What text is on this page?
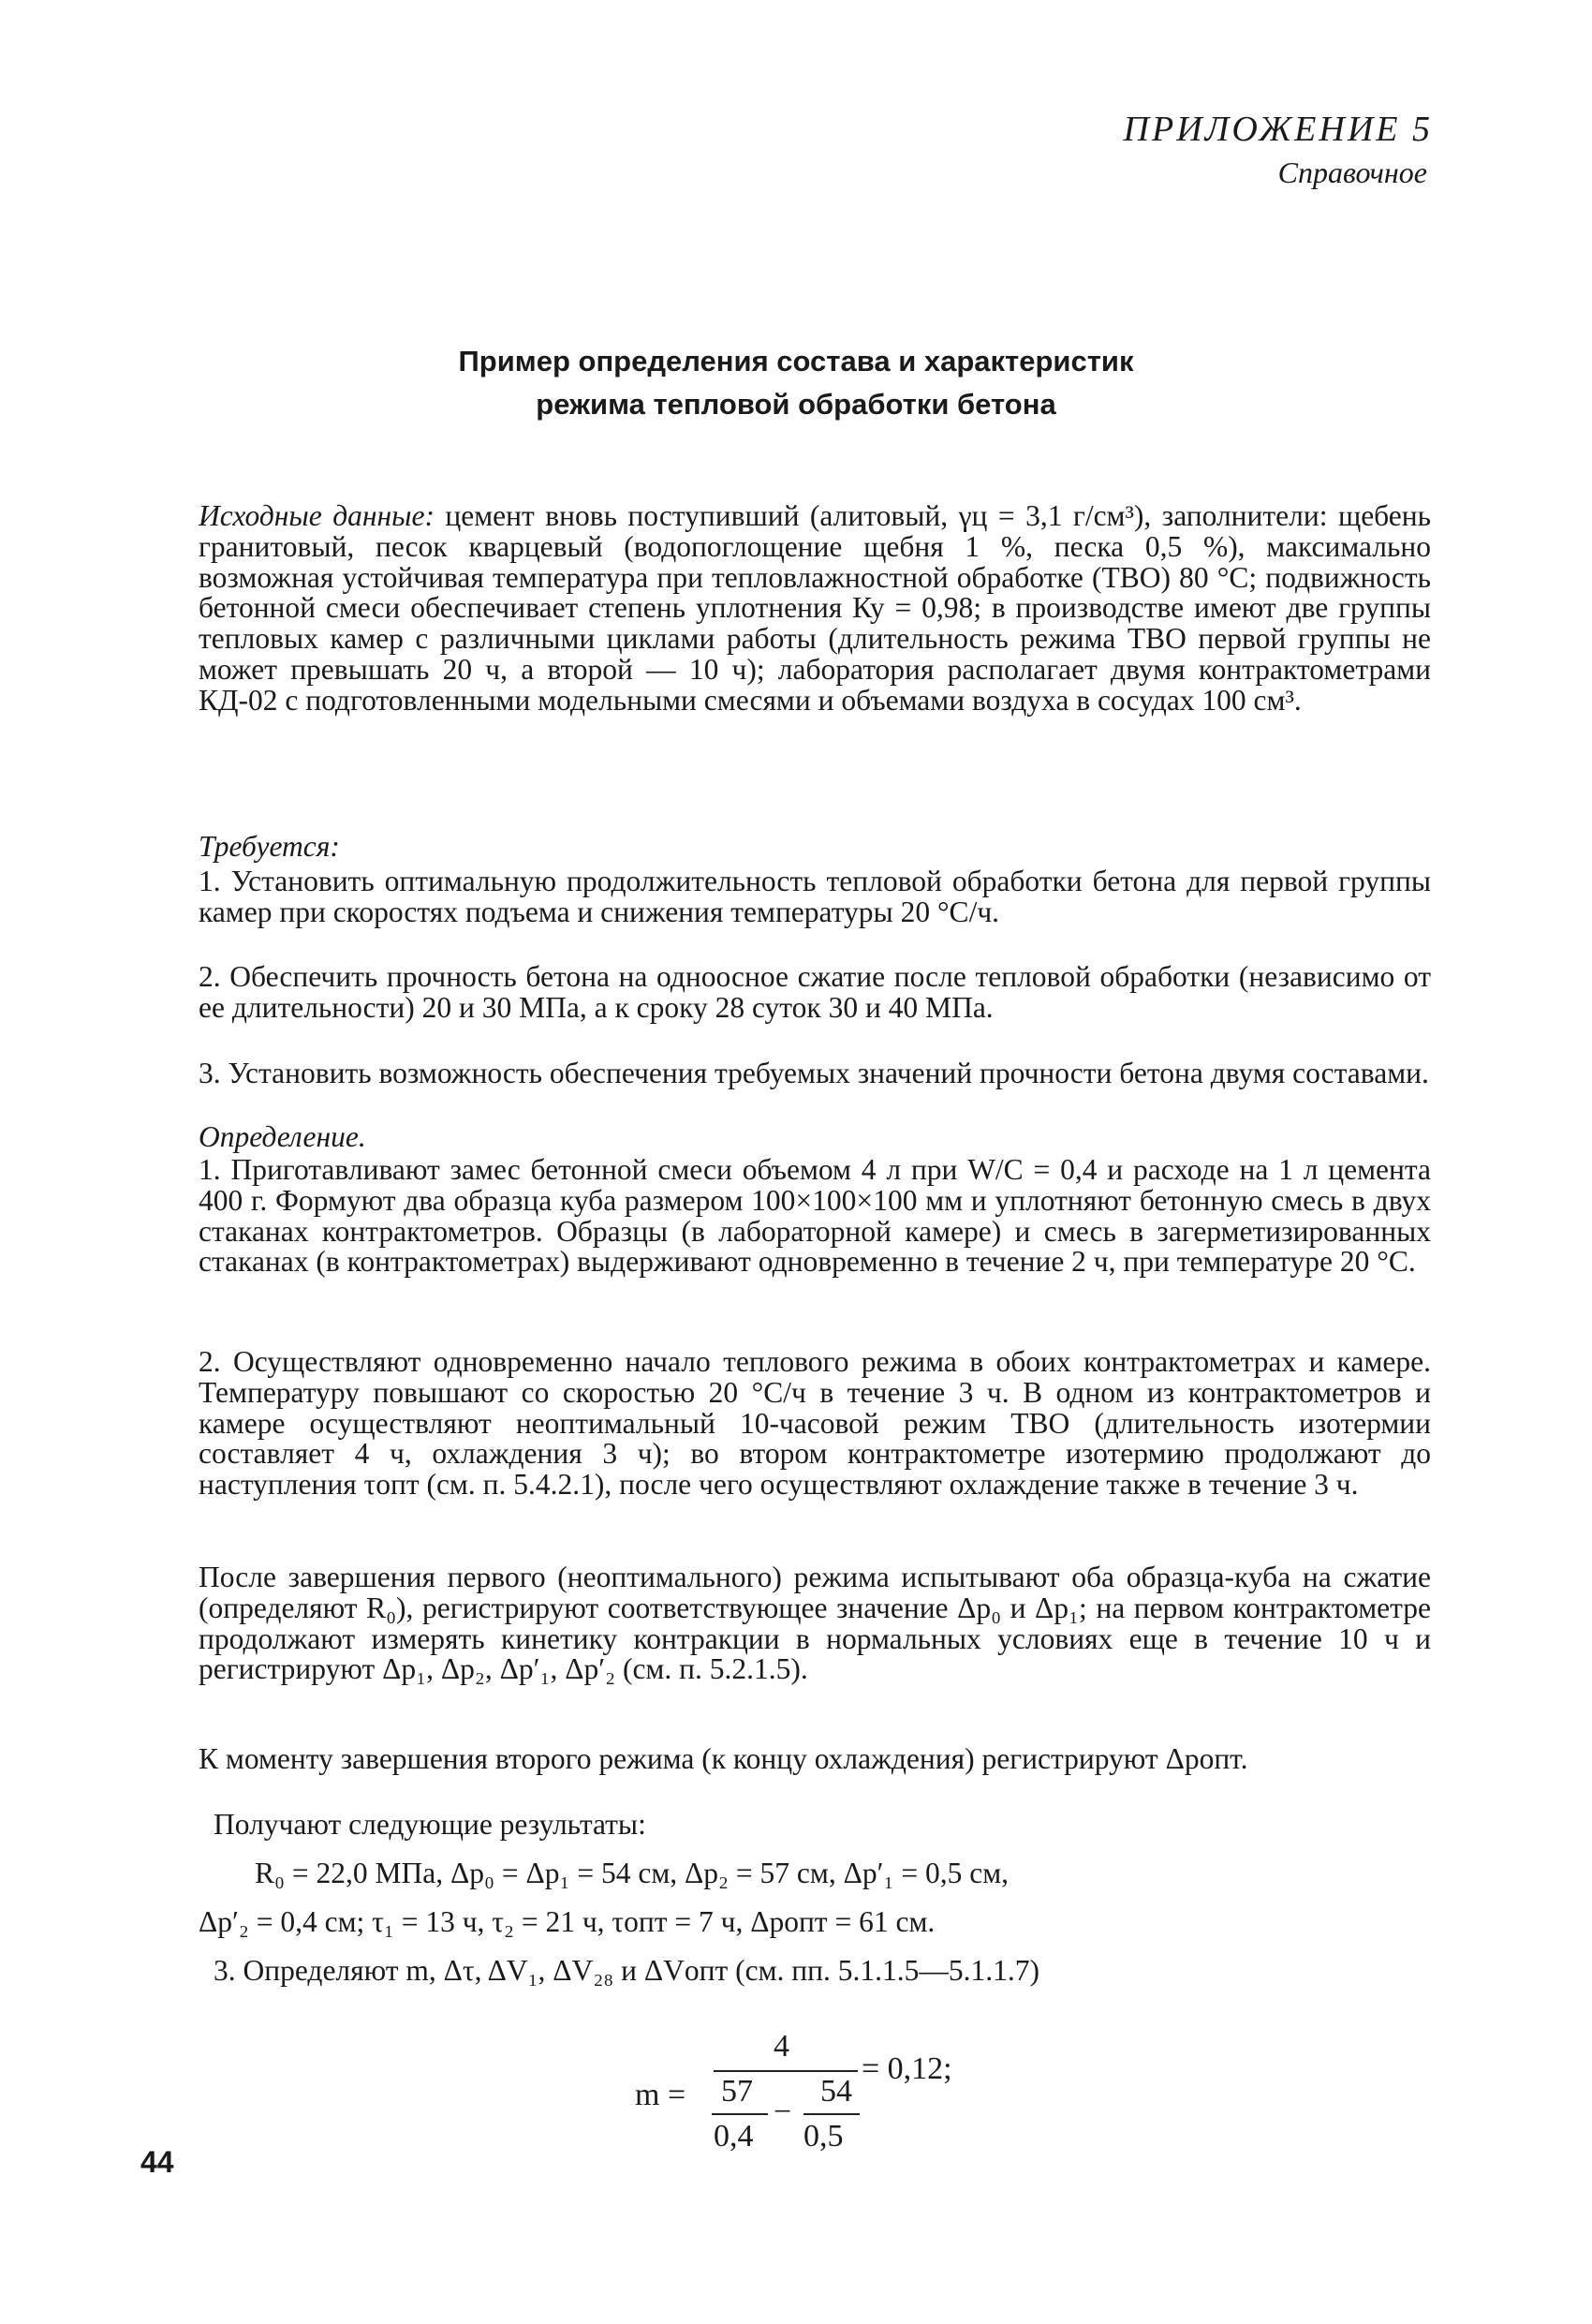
ПРИЛОЖЕНИЕ 5
Справочное
Пример определения состава и характеристик
режима тепловой обработки бетона
Исходные данные: цемент вновь поступивший (алитовый, γц = 3,1 г/см³), заполнители: щебень гранитовый, песок кварцевый (водопоглощение щебня 1 %, песка 0,5 %), максимально возможная устойчивая температура при тепловлажностной обработке (ТВО) 80 °С; подвижность бетонной смеси обеспечивает степень уплотнения Ку = 0,98; в производстве имеют две группы тепловых камер с различными циклами работы (длительность режима ТВО первой группы не может превышать 20 ч, а второй — 10 ч); лаборатория располагает двумя контрактометрами КД-02 с подготовленными модельными смесями и объемами воздуха в сосудах 100 см³.
Требуется:
1. Установить оптимальную продолжительность тепловой обработки бетона для первой группы камер при скоростях подъема и снижения температуры 20 °С/ч.
2. Обеспечить прочность бетона на одноосное сжатие после тепловой обработки (независимо от ее длительности) 20 и 30 МПа, а к сроку 28 суток 30 и 40 МПа.
3. Установить возможность обеспечения требуемых значений прочности бетона двумя составами.
Определение.
1. Приготавливают замес бетонной смеси объемом 4 л при W/C = 0,4 и расходе на 1 л цемента 400 г. Формуют два образца куба размером 100×100×100 мм и уплотняют бетонную смесь в двух стаканах контрактометров. Образцы (в лабораторной камере) и смесь в загерметизированных стаканах (в контрактометрах) выдерживают одновременно в течение 2 ч, при температуре 20 °С.
2. Осуществляют одновременно начало теплового режима в обоих контрактометрах и камере. Температуру повышают со скоростью 20 °С/ч в течение 3 ч. В одном из контрактометров и камере осуществляют неоптимальный 10-часовой режим ТВО (длительность изотермии составляет 4 ч, охлаждения 3 ч); во втором контрактометре изотермию продолжают до наступления τопт (см. п. 5.4.2.1), после чего осуществляют охлаждение также в течение 3 ч.
После завершения первого (неоптимального) режима испытывают оба образца-куба на сжатие (определяют R₀), регистрируют соответствующее значение Δp₀ и Δp₁; на первом контрактометре продолжают измерять кинетику контракции в нормальных условиях еще в течение 10 ч и регистрируют Δp₁, Δp₂, Δp′₁, Δp′₂ (см. п. 5.2.1.5).
К моменту завершения второго режима (к концу охлаждения) регистрируют Δpопт.
Получают следующие результаты:
R₀ = 22,0 МПа, Δp₀ = Δp₁ = 54 см, Δp₂ = 57 см, Δp′₁ = 0,5 см,
Δp′₂ = 0,4 см; τ₁ = 13 ч, τ₂ = 21 ч, τопт = 7 ч, Δpопт = 61 см.
3. Определяют m, Δτ, ΔV₁, ΔV₂₈ и ΔVопт (см. пп. 5.1.1.5—5.1.1.7)
m =
4
57
0,4
−
54
0,5
= 0,12;
44
